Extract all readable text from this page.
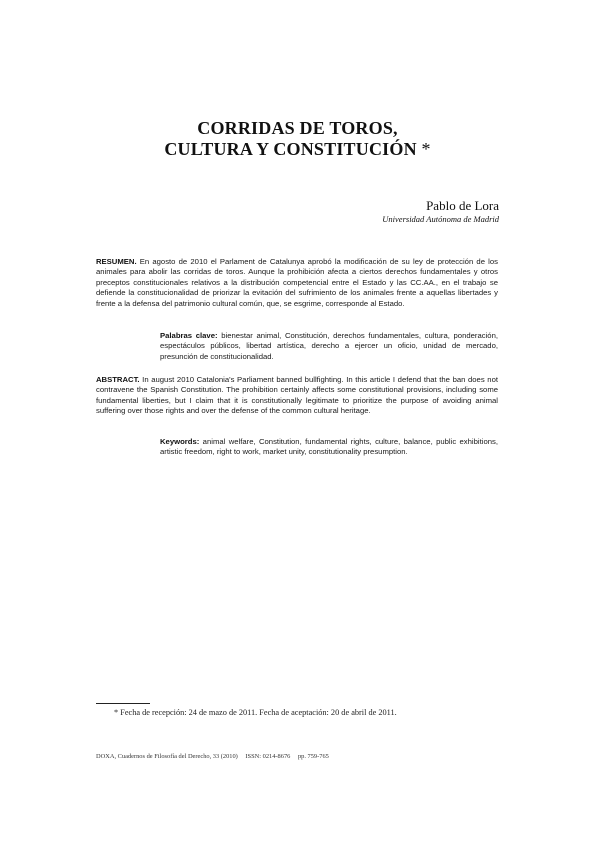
CORRIDAS DE TOROS,
CULTURA Y CONSTITUCIÓN *
Pablo de Lora
Universidad Autónoma de Madrid
RESUMEN. En agosto de 2010 el Parlament de Catalunya aprobó la modificación de su ley de protección de los animales para abolir las corridas de toros. Aunque la prohibición afecta a ciertos derechos fundamentales y otros preceptos constitucionales relativos a la distribución competencial entre el Estado y las CC.AA., en el trabajo se defiende la constitucionalidad de priorizar la evitación del sufrimiento de los animales frente a aquellas libertades y frente a la defensa del patrimonio cultural común, que, se esgrime, corresponde al Estado.
Palabras clave: bienestar animal, Constitución, derechos fundamentales, cultura, ponderación, espectáculos públicos, libertad artística, derecho a ejercer un oficio, unidad de mercado, presunción de constitucionalidad.
ABSTRACT. In august 2010 Catalonia's Parliament banned bullfighting. In this article I defend that the ban does not contravene the Spanish Constitution. The prohibition certainly affects some constitutional provisions, including some fundamental liberties, but I claim that it is constitutionally legitimate to prioritize the purpose of avoiding animal suffering over those rights and over the defense of the common cultural heritage.
Keywords: animal welfare, Constitution, fundamental rights, culture, balance, public exhibitions, artistic freedom, right to work, market unity, constitutionality presumption.
* Fecha de recepción: 24 de mazo de 2011. Fecha de aceptación: 20 de abril de 2011.
DOXA, Cuadernos de Filosofía del Derecho, 33 (2010) ISSN: 0214-8676 pp. 759-765
